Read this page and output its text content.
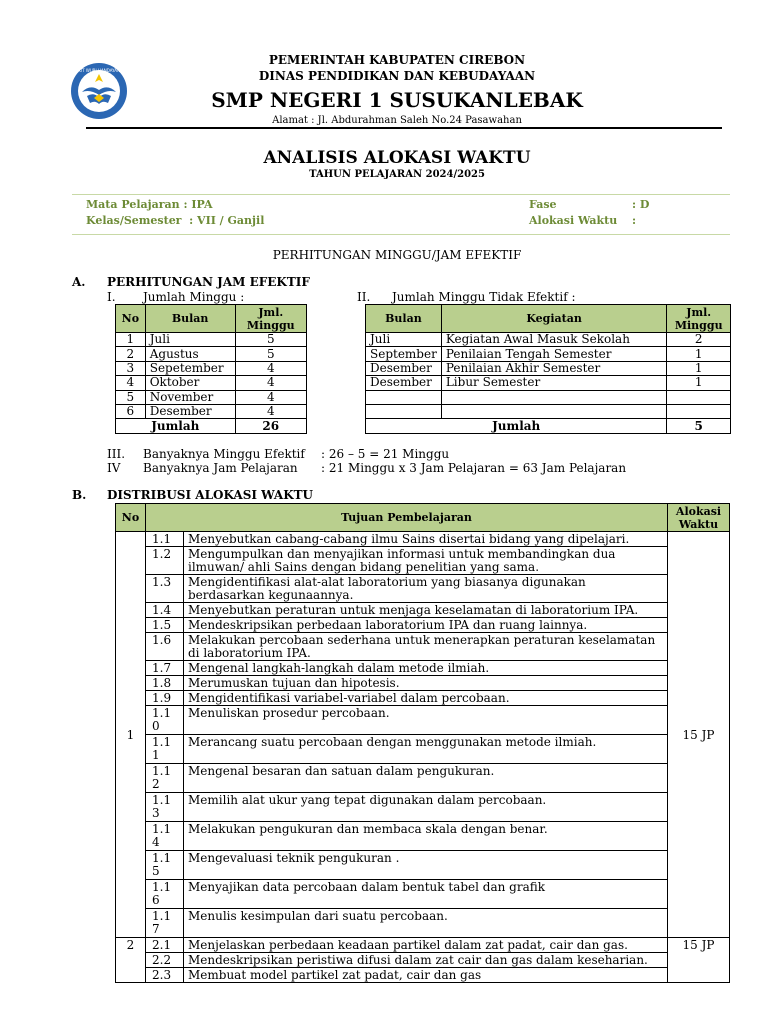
TUT WURI HANDAYANI
PEMERINTAH KABUPATEN CIREBON
DINAS PENDIDIKAN DAN KEBUDAYAAN
SMP NEGERI 1 SUSUKANLEBAK
Alamat : Jl. Abdurahman Saleh No.24 Pasawahan
ANALISIS ALOKASI WAKTU
TAHUN PELAJARAN 2024/2025
Mata Pelajaran : IPA
Kelas/Semester  : VII / Ganjil
Fase	: D
Alokasi Waktu :
PERHITUNGAN MINGGU/JAM EFEKTIF
A. PERHITUNGAN JAM EFEKTIF
I. Jumlah Minggu :	II. Jumlah Minggu Tidak Efektif :
No	Bulan	Jml. Minggu
1	Juli	5
2	Agustus	5
3	Sepetember	4
4	Oktober	4
5	November	4
6	Desember	4
Jumlah		26
Bulan	Kegiatan	Jml. Minggu
Juli	Kegiatan Awal Masuk Sekolah	2
September	Penilaian Tengah Semester	1
Desember	Penilaian Akhir Semester	1
Desember	Libur Semester	1

Jumlah		5
III. Banyaknya Minggu Efektif : 26 – 5 = 21 Minggu
IV Banyaknya Jam Pelajaran : 21 Minggu x 3 Jam Pelajaran = 63 Jam Pelajaran
B. DISTRIBUSI ALOKASI WAKTU
No	Tujuan Pembelajaran		Alokasi Waktu
1	1.1	Menyebutkan cabang-cabang ilmu Sains disertai bidang yang dipelajari.	15 JP
	1.2	Mengumpulkan dan menyajikan informasi untuk membandingkan dua ilmuwan/ ahli Sains dengan bidang penelitian yang sama.	
	1.3	Mengidentifikasi alat-alat laboratorium yang biasanya digunakan berdasarkan kegunaannya.	
	1.4	Menyebutkan peraturan untuk menjaga keselamatan di laboratorium IPA.	
	1.5	Mendeskripsikan perbedaan laboratorium IPA dan ruang lainnya.	
	1.6	Melakukan percobaan sederhana untuk menerapkan peraturan keselamatan di laboratorium IPA.	
	1.7	Mengenal langkah-langkah dalam metode ilmiah.	
	1.8	Merumuskan tujuan dan hipotesis.	
	1.9	Mengidentifikasi variabel-variabel dalam percobaan.	
	1.1 0	Menuliskan prosedur percobaan.	
	1.1 1	Merancang suatu percobaan dengan menggunakan metode ilmiah.	
	1.1 2	Mengenal besaran dan satuan dalam pengukuran.	
	1.1 3	Memilih alat ukur yang tepat digunakan dalam percobaan.	
	1.1 4	Melakukan pengukuran dan membaca skala dengan benar.	
	1.1 5	Mengevaluasi teknik pengukuran .	
	1.1 6	Menyajikan data percobaan dalam bentuk tabel dan grafik	
	1.1 7	Menulis kesimpulan dari suatu percobaan.	
2	2.1	Menjelaskan perbedaan keadaan partikel dalam zat padat, cair dan gas.	15 JP
	2.2	Mendeskripsikan peristiwa difusi dalam zat cair dan gas dalam keseharian.	
	2.3	Membuat model partikel zat padat, cair dan gas	
